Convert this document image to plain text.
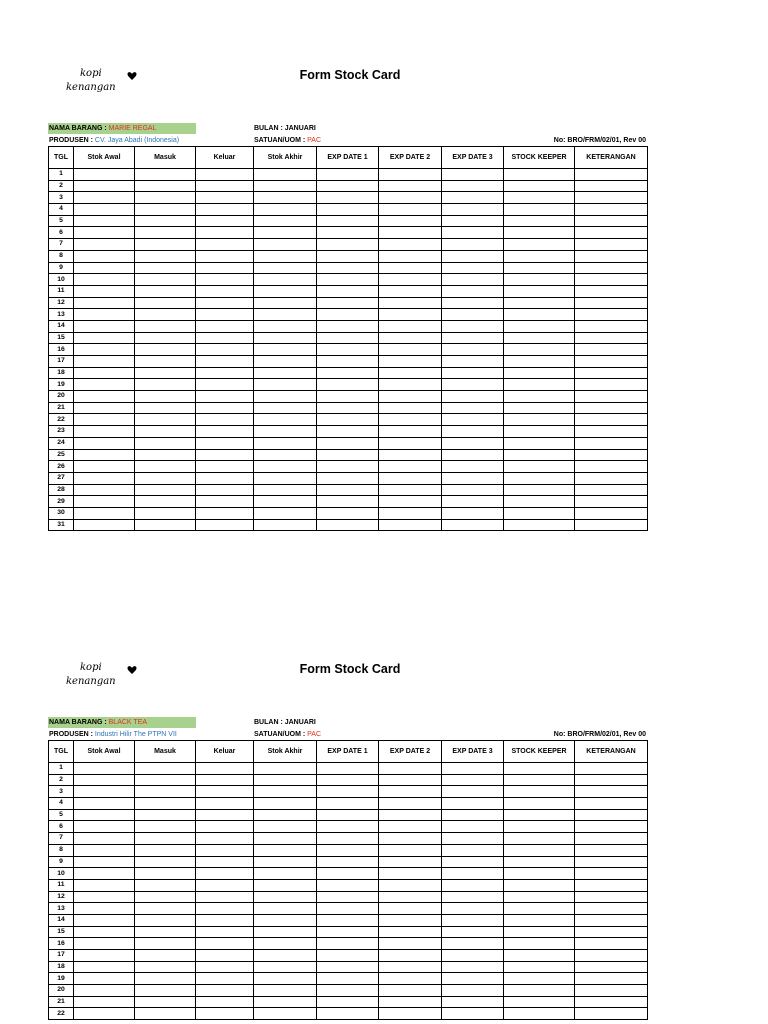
kopi
kenangan
Form Stock Card
NAMA BARANG : MARIE REGAL
PRODUSEN : CV. Jaya Abadi (Indonesia)
BULAN : JANUARI
SATUAN/UOM : PAC	No: BRO/FRM/02/01, Rev 00
TGL	Stok Awal	Masuk	Keluar	Stok Akhir	EXP DATE 1	EXP DATE 2	EXP DATE 3	STOCK KEEPER	KETERANGAN
1									
2									
3									
4									
5									
6									
7									
8									
9									
10									
11									
12									
13									
14									
15									
16									
17									
18									
19									
20									
21									
22									
23									
24									
25									
26									
27									
28									
29									
30									
31									
kopi
kenangan
Form Stock Card
NAMA BARANG : BLACK TEA
PRODUSEN : Industri Hilir The PTPN VII
BULAN : JANUARI
SATUAN/UOM : PAC	No: BRO/FRM/02/01, Rev 00
TGL	Stok Awal	Masuk	Keluar	Stok Akhir	EXP DATE 1	EXP DATE 2	EXP DATE 3	STOCK KEEPER	KETERANGAN
1									
2									
3									
4									
5									
6									
7									
8									
9									
10									
11									
12									
13									
14									
15									
16									
17									
18									
19									
20									
21									
22									
